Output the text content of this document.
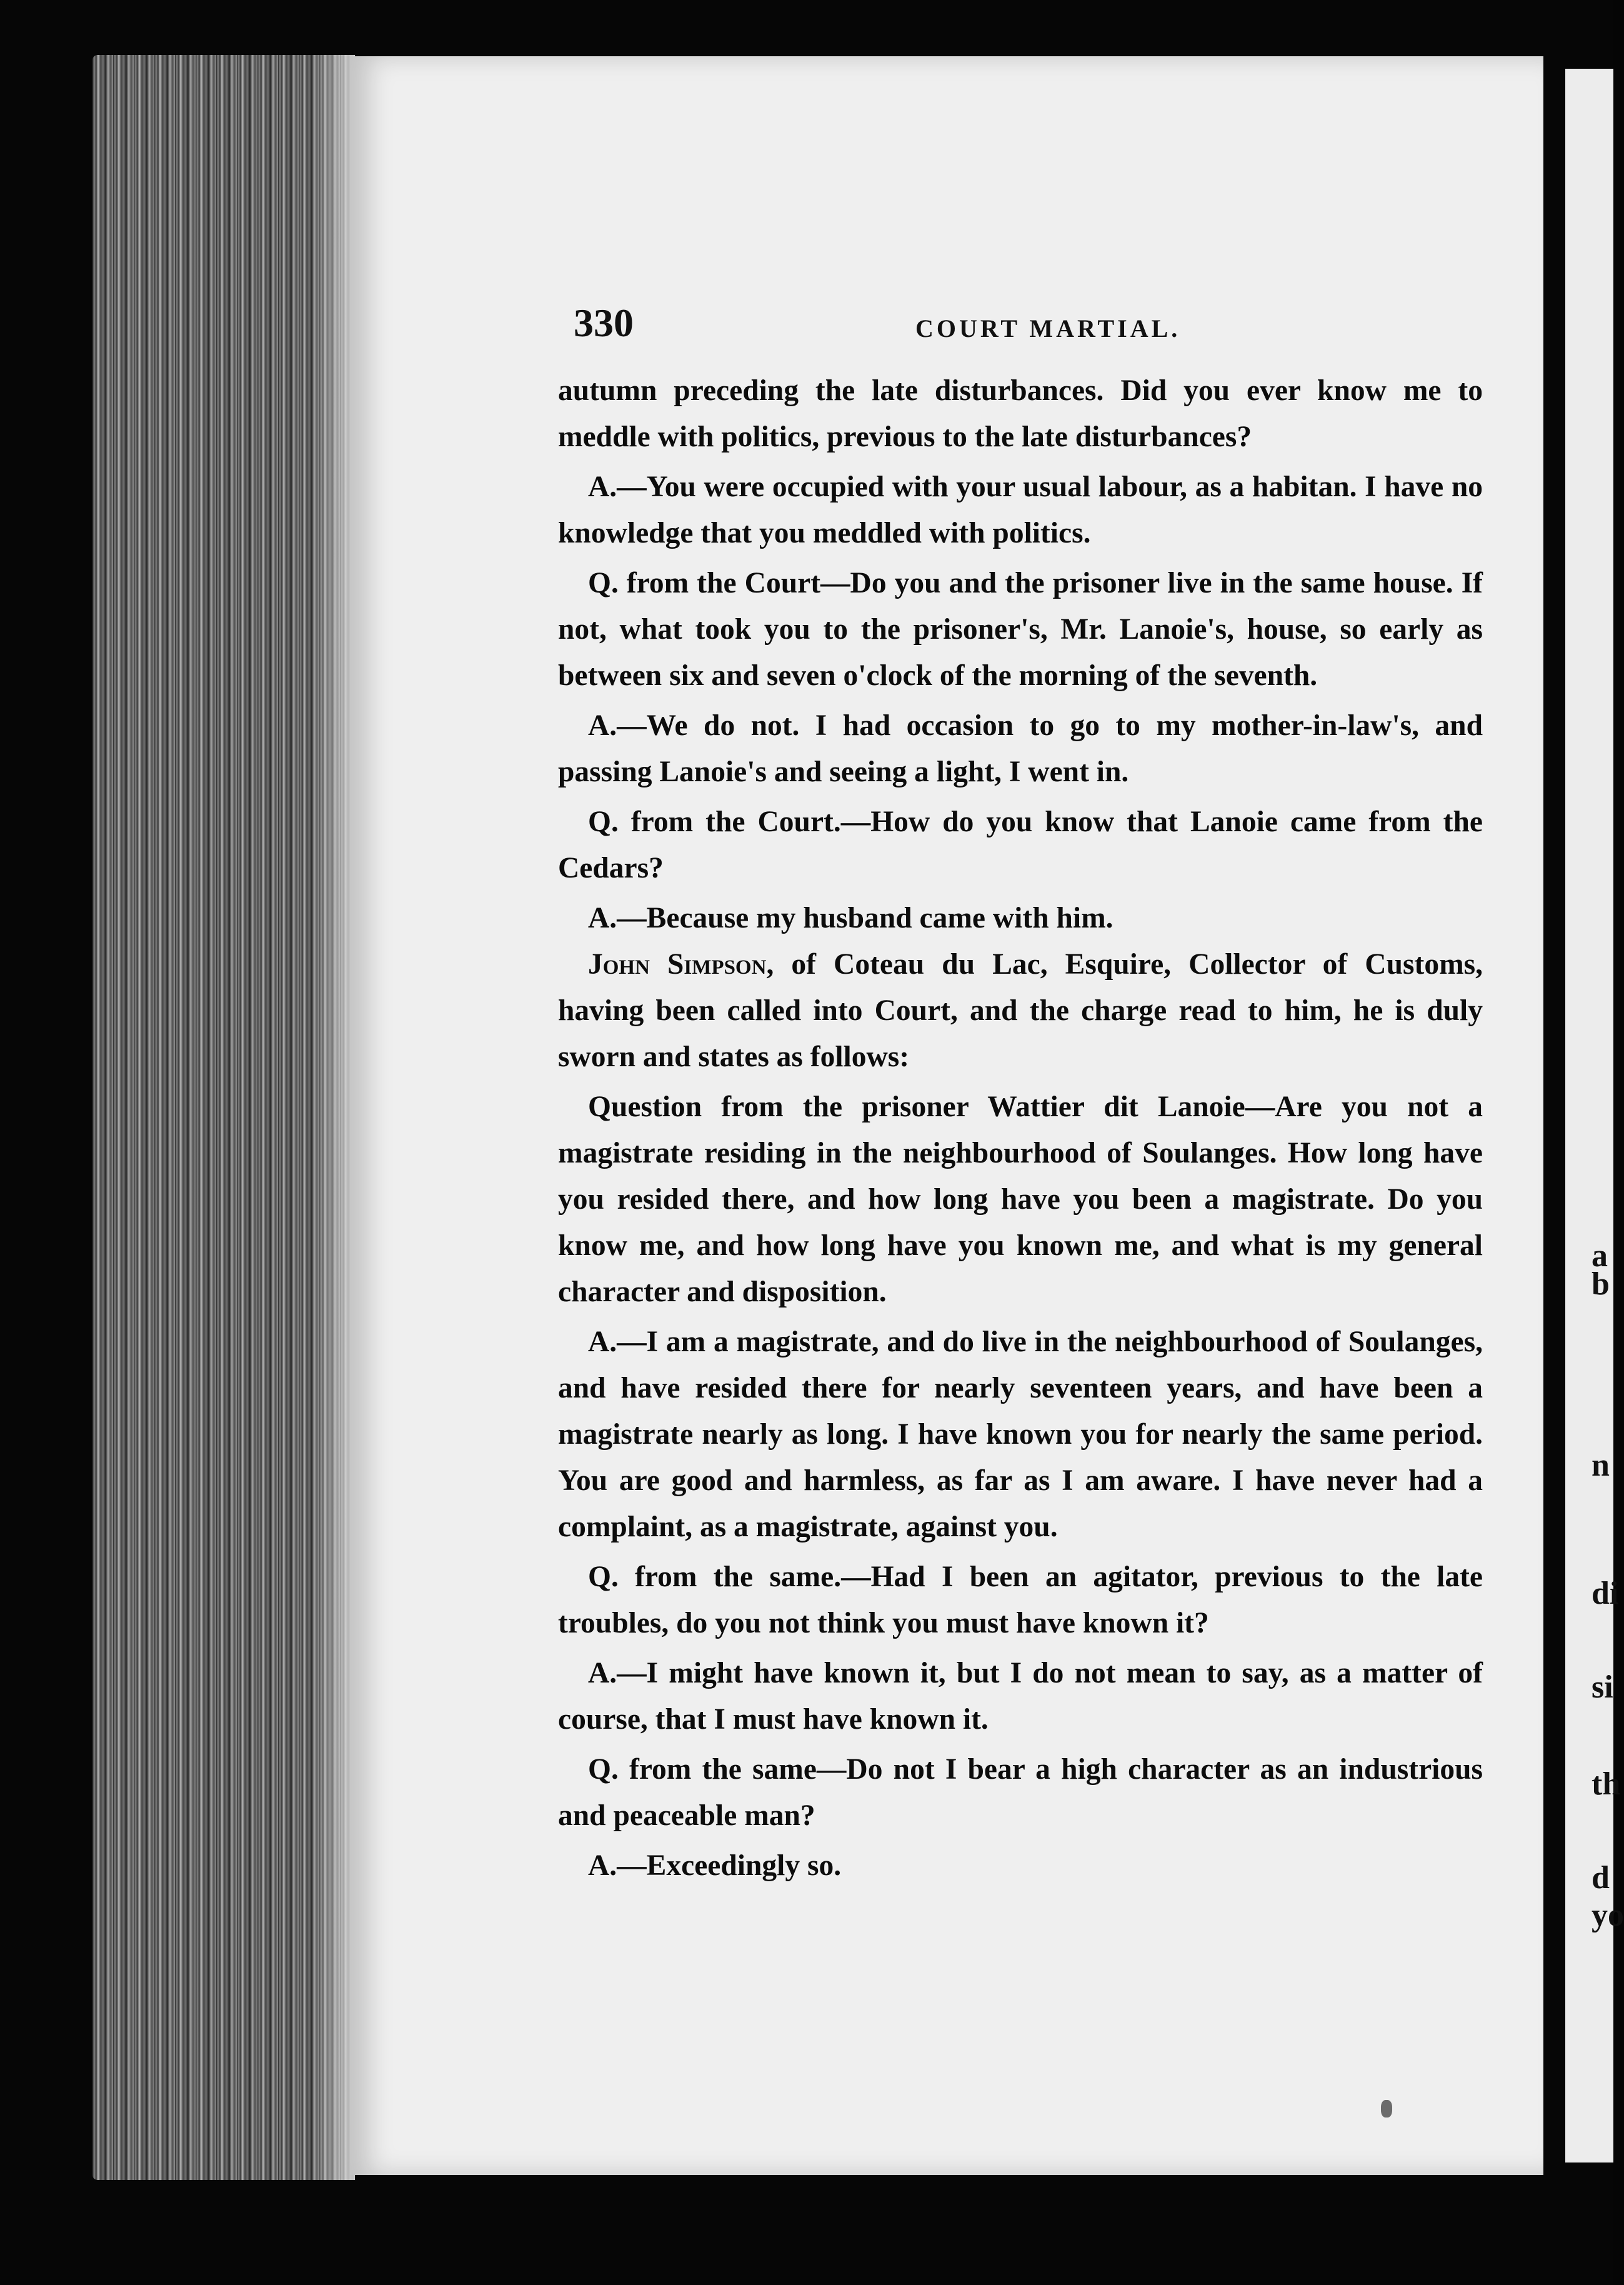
a
b
n
di
si
th
d
yo
330	COURT MARTIAL.

autumn preceding the late disturbances. Did you ever know me to meddle with politics, previous to the late disturbances?

A.—You were occupied with your usual labour, as a habitan. I have no knowledge that you meddled with politics.

Q. from the Court—Do you and the prisoner live in the same house. If not, what took you to the prisoner's, Mr. Lanoie's, house, so early as between six and seven o'clock of the morning of the seventh.

A.—We do not. I had occasion to go to my mother-in-law's, and passing Lanoie's and seeing a light, I went in.

Q. from the Court.—How do you know that Lanoie came from the Cedars?

A.—Because my husband came with him.

John Simpson, of Coteau du Lac, Esquire, Collector of Customs, having been called into Court, and the charge read to him, he is duly sworn and states as follows:

Question from the prisoner Wattier dit Lanoie—Are you not a magistrate residing in the neighbourhood of Soulanges. How long have you resided there, and how long have you been a magistrate. Do you know me, and how long have you known me, and what is my general character and disposition.

A.—I am a magistrate, and do live in the neighbourhood of Soulanges, and have resided there for nearly seventeen years, and have been a magistrate nearly as long. I have known you for nearly the same period. You are good and harmless, as far as I am aware. I have never had a complaint, as a magistrate, against you.

Q. from the same.—Had I been an agitator, previous to the late troubles, do you not think you must have known it?

A.—I might have known it, but I do not mean to say, as a matter of course, that I must have known it.

Q. from the same—Do not I bear a high character as an industrious and peaceable man?

A.—Exceedingly so.
